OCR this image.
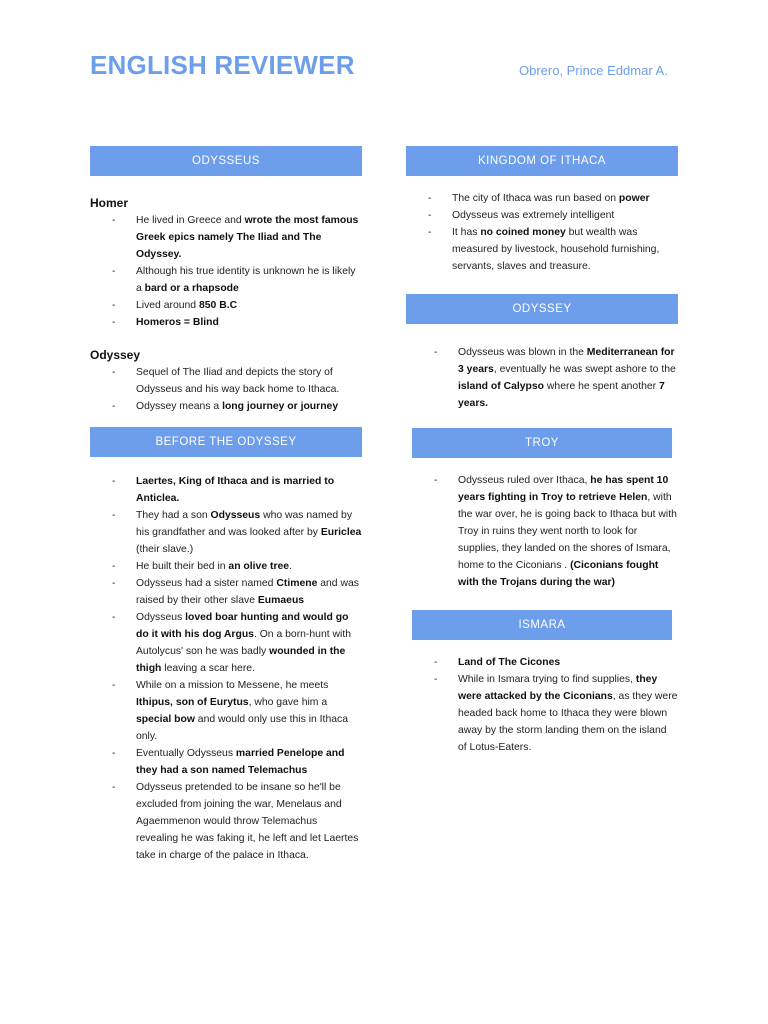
ENGLISH REVIEWER	Obrero, Prince Eddmar A.
ODYSSEUS
Homer
- He lived in Greece and wrote the most famous Greek epics namely The Iliad and The Odyssey.
- Although his true identity is unknown he is likely a bard or a rhapsode
- Lived around 850 B.C
- Homeros = Blind
Odyssey
- Sequel of The Iliad and depicts the story of Odysseus and his way back home to Ithaca.
- Odyssey means a long journey or journey
BEFORE THE ODYSSEY
- Laertes, King of Ithaca and is married to Anticlea.
- They had a son Odysseus who was named by his grandfather and was looked after by Euriclea (their slave.)
- He built their bed in an olive tree.
- Odysseus had a sister named Ctimene and was raised by their other slave Eumaeus
- Odysseus loved boar hunting and would go do it with his dog Argus. On a born-hunt with Autolycus' son he was badly wounded in the thigh leaving a scar here.
- While on a mission to Messene, he meets Ithipus, son of Eurytus, who gave him a special bow and would only use this in Ithaca only.
- Eventually Odysseus married Penelope and they had a son named Telemachus
- Odysseus pretended to be insane so he'll be excluded from joining the war, Menelaus and Agaemmenon would throw Telemachus revealing he was faking it, he left and let Laertes take in charge of the palace in Ithaca.
KINGDOM OF ITHACA
- The city of Ithaca was run based on power
- Odysseus was extremely intelligent
- It has no coined money but wealth was measured by livestock, household furnishing, servants, slaves and treasure.
ODYSSEY
- Odysseus was blown in the Mediterranean for 3 years, eventually he was swept ashore to the island of Calypso where he spent another 7 years.
TROY
- Odysseus ruled over Ithaca, he has spent 10 years fighting in Troy to retrieve Helen, with the war over, he is going back to Ithaca but with Troy in ruins they went north to look for supplies, they landed on the shores of Ismara, home to the Ciconians . (Ciconians fought with the Trojans during the war)
ISMARA
- Land of The Cicones
- While in Ismara trying to find supplies, they were attacked by the Ciconians, as they were headed back home to Ithaca they were blown away by the storm landing them on the island of Lotus-Eaters.
